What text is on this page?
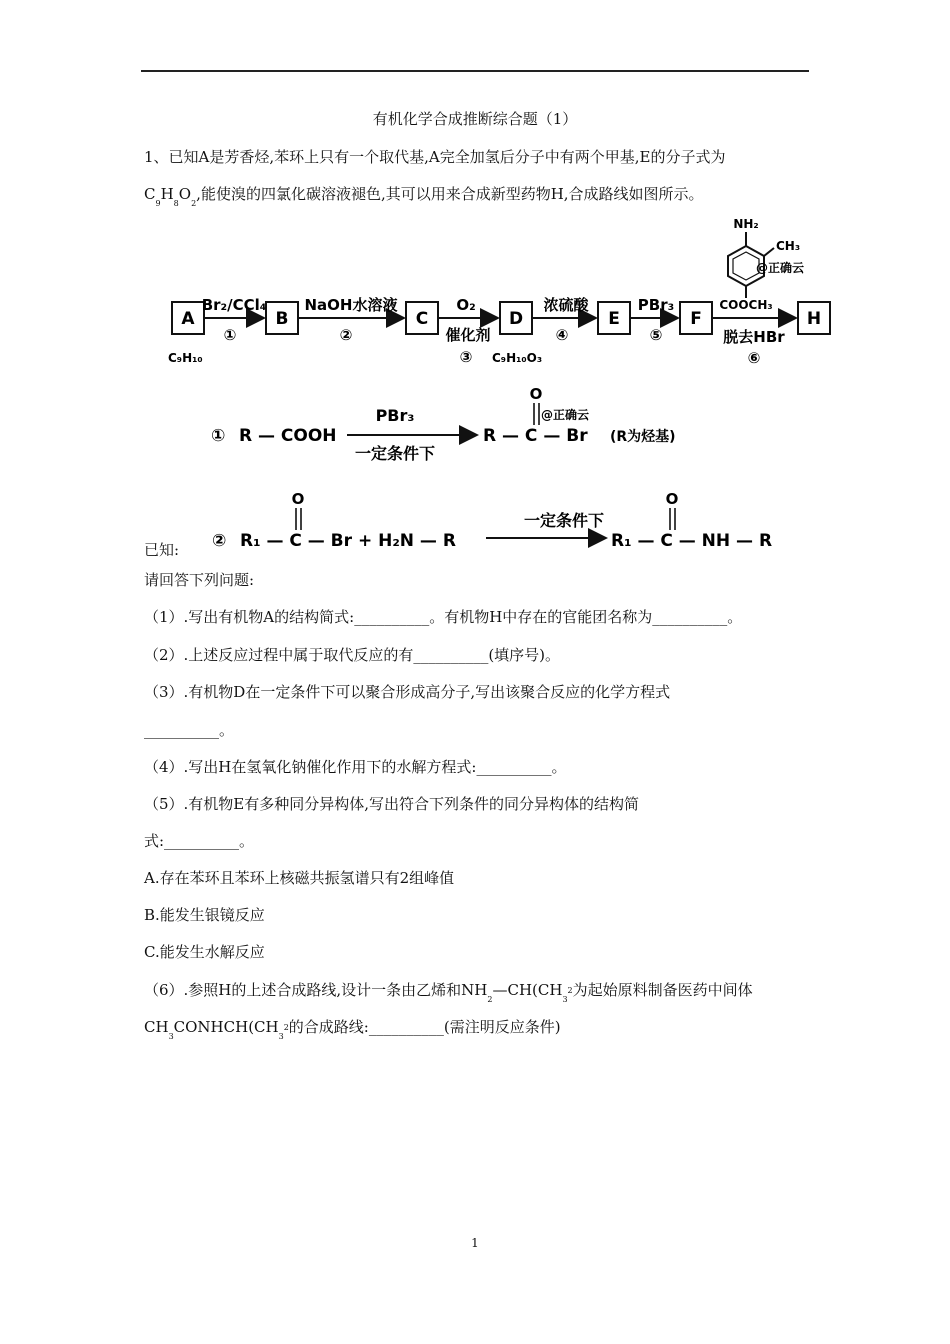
有机化学合成推断综合题（1）
1、已知A是芳香烃,苯环上只有一个取代基,A完全加氢后分子中有两个甲基,E的分子式为
$C_9H_8O_2$,能使溴的四氯化碳溶液褪色,其可以用来合成新型药物H,合成路线如图所示。
A	B	C	D	E	F	H
Br₂/CCl₄
①
NaOH水溶液
②
O₂
催化剂
③
浓硫酸
④
PBr₃
⑤	脱去HBr
⑥
C₉H₁₀	C₉H₁₀O₃
NH₂
CH₃
COOCH₃
@正确云
① R — COOH
PBr₃
一定条件下
R — C — Br
O
(R为烃基)
@正确云
已知: ② R₁ — C — Br + H₂N — R
O
一定条件下
R₁ — C — NH — R
O
请回答下列问题:
（1）.写出有机物A的结构简式:__________。有机物H中存在的官能团名称为__________。
（2）.上述反应过程中属于取代反应的有__________(填序号)。
（3）.有机物D在一定条件下可以聚合形成高分子,写出该聚合反应的化学方程式
__________。
（4）.写出H在氢氧化钠催化作用下的水解方程式:__________。
（5）.有机物E有多种同分异构体,写出符合下列条件的同分异构体的结构简
式:__________。
A.存在苯环且苯环上核磁共振氢谱只有2组峰值
B.能发生银镜反应
C.能发生水解反应
（6）.参照H的上述合成路线,设计一条由乙烯和$NH_2—CH(CH_32$为起始原料制备医药中间体
$CH_3CONHCH(CH_32$的合成路线:__________(需注明反应条件)
1
